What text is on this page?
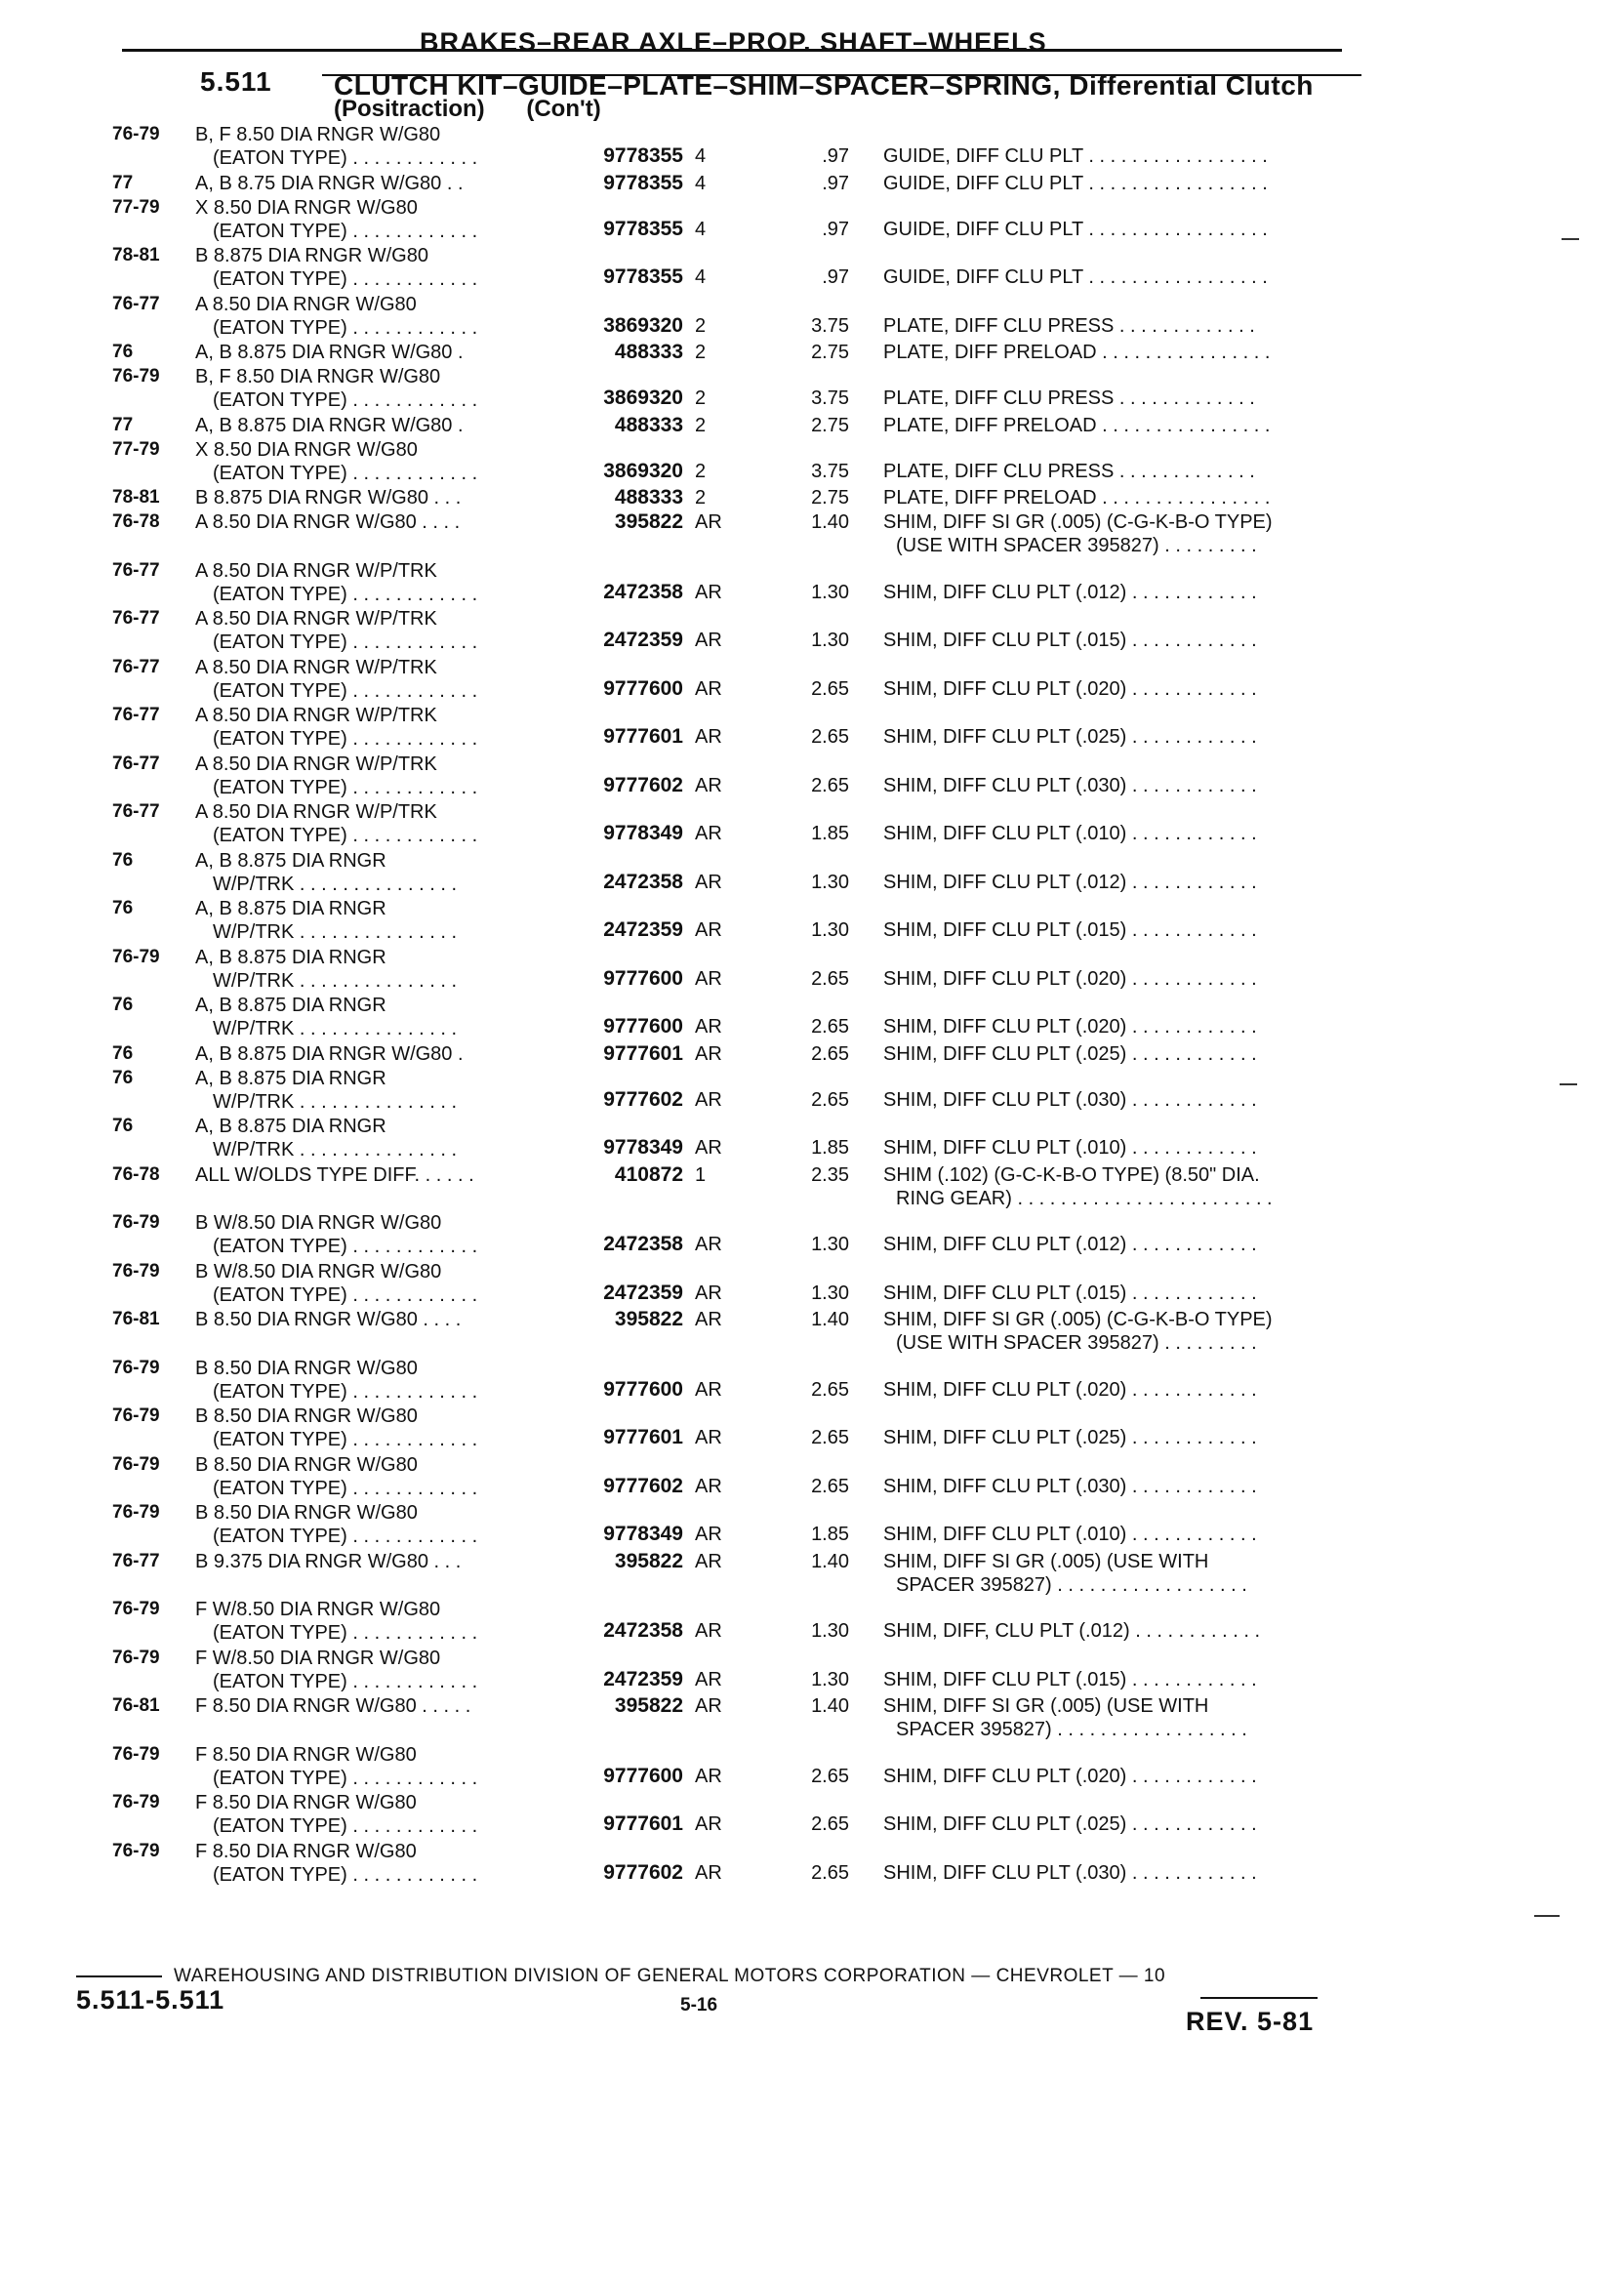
BRAKES–REAR AXLE–PROP. SHAFT–WHEELS
5.511 CLUTCH KIT–GUIDE–PLATE–SHIM–SPACER–SPRING, Differential Clutch
(Positraction) (Con't)
76-79 B, F 8.50 DIA RNGR W/G80
(EATON TYPE) . . . . . . . . . . . .	9778355 4	.97 GUIDE, DIFF CLU PLT . . . . . . . . . . . . . . . . .
77	A, B 8.75 DIA RNGR W/G80 . .	9778355 4	.97 GUIDE, DIFF CLU PLT . . . . . . . . . . . . . . . . .
77-79 X 8.50 DIA RNGR W/G80
(EATON TYPE) . . . . . . . . . . . .	9778355 4	.97 GUIDE, DIFF CLU PLT . . . . . . . . . . . . . . . . .
78-81 B 8.875 DIA RNGR W/G80
(EATON TYPE) . . . . . . . . . . . .	9778355 4	.97 GUIDE, DIFF CLU PLT . . . . . . . . . . . . . . . . .
76-77 A 8.50 DIA RNGR W/G80
(EATON TYPE) . . . . . . . . . . . .	3869320 2	3.75 PLATE, DIFF CLU PRESS . . . . . . . . . . . . .
76	A, B 8.875 DIA RNGR W/G80 .	488333 2	2.75 PLATE, DIFF PRELOAD . . . . . . . . . . . . . . . .
76-79 B, F 8.50 DIA RNGR W/G80
(EATON TYPE) . . . . . . . . . . . .	3869320 2	3.75 PLATE, DIFF CLU PRESS . . . . . . . . . . . . .
77	A, B 8.875 DIA RNGR W/G80 .	488333 2	2.75 PLATE, DIFF PRELOAD . . . . . . . . . . . . . . . .
77-79 X 8.50 DIA RNGR W/G80
(EATON TYPE) . . . . . . . . . . . .	3869320 2	3.75 PLATE, DIFF CLU PRESS . . . . . . . . . . . . .
78-81 B 8.875 DIA RNGR W/G80 . . .	488333 2	2.75 PLATE, DIFF PRELOAD . . . . . . . . . . . . . . . .
76-78 A 8.50 DIA RNGR W/G80 . . . .	395822 AR	1.40 SHIM, DIFF SI GR (.005) (C-G-K-B-O TYPE)
(USE WITH SPACER 395827) . . . . . . . . .
76-77 A 8.50 DIA RNGR W/P/TRK
(EATON TYPE) . . . . . . . . . . . .	2472358 AR	1.30 SHIM, DIFF CLU PLT (.012) . . . . . . . . . . . .
76-77 A 8.50 DIA RNGR W/P/TRK
(EATON TYPE) . . . . . . . . . . . .	2472359 AR	1.30 SHIM, DIFF CLU PLT (.015) . . . . . . . . . . . .
76-77 A 8.50 DIA RNGR W/P/TRK
(EATON TYPE) . . . . . . . . . . . .	9777600 AR	2.65 SHIM, DIFF CLU PLT (.020) . . . . . . . . . . . .
76-77 A 8.50 DIA RNGR W/P/TRK
(EATON TYPE) . . . . . . . . . . . .	9777601 AR	2.65 SHIM, DIFF CLU PLT (.025) . . . . . . . . . . . .
76-77 A 8.50 DIA RNGR W/P/TRK
(EATON TYPE) . . . . . . . . . . . .	9777602 AR	2.65 SHIM, DIFF CLU PLT (.030) . . . . . . . . . . . .
76-77 A 8.50 DIA RNGR W/P/TRK
(EATON TYPE) . . . . . . . . . . . .	9778349 AR	1.85 SHIM, DIFF CLU PLT (.010) . . . . . . . . . . . .
76	A, B 8.875 DIA RNGR
W/P/TRK . . . . . . . . . . . . . . .	2472358 AR	1.30 SHIM, DIFF CLU PLT (.012) . . . . . . . . . . . .
76	A, B 8.875 DIA RNGR
W/P/TRK . . . . . . . . . . . . . . .	2472359 AR	1.30 SHIM, DIFF CLU PLT (.015) . . . . . . . . . . . .
76-79 A, B 8.875 DIA RNGR
W/P/TRK . . . . . . . . . . . . . . .	9777600 AR	2.65 SHIM, DIFF CLU PLT (.020) . . . . . . . . . . . .
76	A, B 8.875 DIA RNGR
W/P/TRK . . . . . . . . . . . . . . .	9777600 AR	2.65 SHIM, DIFF CLU PLT (.020) . . . . . . . . . . . .
76	A, B 8.875 DIA RNGR W/G80 .	9777601 AR	2.65 SHIM, DIFF CLU PLT (.025) . . . . . . . . . . . .
76	A, B 8.875 DIA RNGR
W/P/TRK . . . . . . . . . . . . . . .	9777602 AR	2.65 SHIM, DIFF CLU PLT (.030) . . . . . . . . . . . .
76	A, B 8.875 DIA RNGR
W/P/TRK . . . . . . . . . . . . . . .	9778349 AR	1.85 SHIM, DIFF CLU PLT (.010) . . . . . . . . . . . .
76-78 ALL W/OLDS TYPE DIFF. . . . . .	410872 1	2.35 SHIM (.102) (G-C-K-B-O TYPE) (8.50" DIA.
RING GEAR) . . . . . . . . . . . . . . . . . . . . . . . .
76-79 B W/8.50 DIA RNGR W/G80
(EATON TYPE) . . . . . . . . . . . .	2472358 AR	1.30 SHIM, DIFF CLU PLT (.012) . . . . . . . . . . . .
76-79 B W/8.50 DIA RNGR W/G80
(EATON TYPE) . . . . . . . . . . . .	2472359 AR	1.30 SHIM, DIFF CLU PLT (.015) . . . . . . . . . . . .
76-81 B 8.50 DIA RNGR W/G80 . . . .	395822 AR	1.40 SHIM, DIFF SI GR (.005) (C-G-K-B-O TYPE)
(USE WITH SPACER 395827) . . . . . . . . .
76-79 B 8.50 DIA RNGR W/G80
(EATON TYPE) . . . . . . . . . . . .	9777600 AR	2.65 SHIM, DIFF CLU PLT (.020) . . . . . . . . . . . .
76-79 B 8.50 DIA RNGR W/G80
(EATON TYPE) . . . . . . . . . . . .	9777601 AR	2.65 SHIM, DIFF CLU PLT (.025) . . . . . . . . . . . .
76-79 B 8.50 DIA RNGR W/G80
(EATON TYPE) . . . . . . . . . . . .	9777602 AR	2.65 SHIM, DIFF CLU PLT (.030) . . . . . . . . . . . .
76-79 B 8.50 DIA RNGR W/G80
(EATON TYPE) . . . . . . . . . . . .	9778349 AR	1.85 SHIM, DIFF CLU PLT (.010) . . . . . . . . . . . .
76-77 B 9.375 DIA RNGR W/G80 . . .	395822 AR	1.40 SHIM, DIFF SI GR (.005) (USE WITH
SPACER 395827) . . . . . . . . . . . . . . . . . .
76-79 F W/8.50 DIA RNGR W/G80
(EATON TYPE) . . . . . . . . . . . .	2472358 AR	1.30 SHIM, DIFF, CLU PLT (.012) . . . . . . . . . . . .
76-79 F W/8.50 DIA RNGR W/G80
(EATON TYPE) . . . . . . . . . . . .	2472359 AR	1.30 SHIM, DIFF CLU PLT (.015) . . . . . . . . . . . .
76-81 F 8.50 DIA RNGR W/G80 . . . . .	395822 AR	1.40 SHIM, DIFF SI GR (.005) (USE WITH
SPACER 395827) . . . . . . . . . . . . . . . . . .
76-79 F 8.50 DIA RNGR W/G80
(EATON TYPE) . . . . . . . . . . . .	9777600 AR	2.65 SHIM, DIFF CLU PLT (.020) . . . . . . . . . . . .
76-79 F 8.50 DIA RNGR W/G80
(EATON TYPE) . . . . . . . . . . . .	9777601 AR	2.65 SHIM, DIFF CLU PLT (.025) . . . . . . . . . . . .
76-79 F 8.50 DIA RNGR W/G80
(EATON TYPE) . . . . . . . . . . . .	9777602 AR	2.65 SHIM, DIFF CLU PLT (.030) . . . . . . . . . . . .
WAREHOUSING AND DISTRIBUTION DIVISION OF GENERAL MOTORS CORPORATION — CHEVROLET — 10
5.511-5.511	5-16
REV. 5-81
